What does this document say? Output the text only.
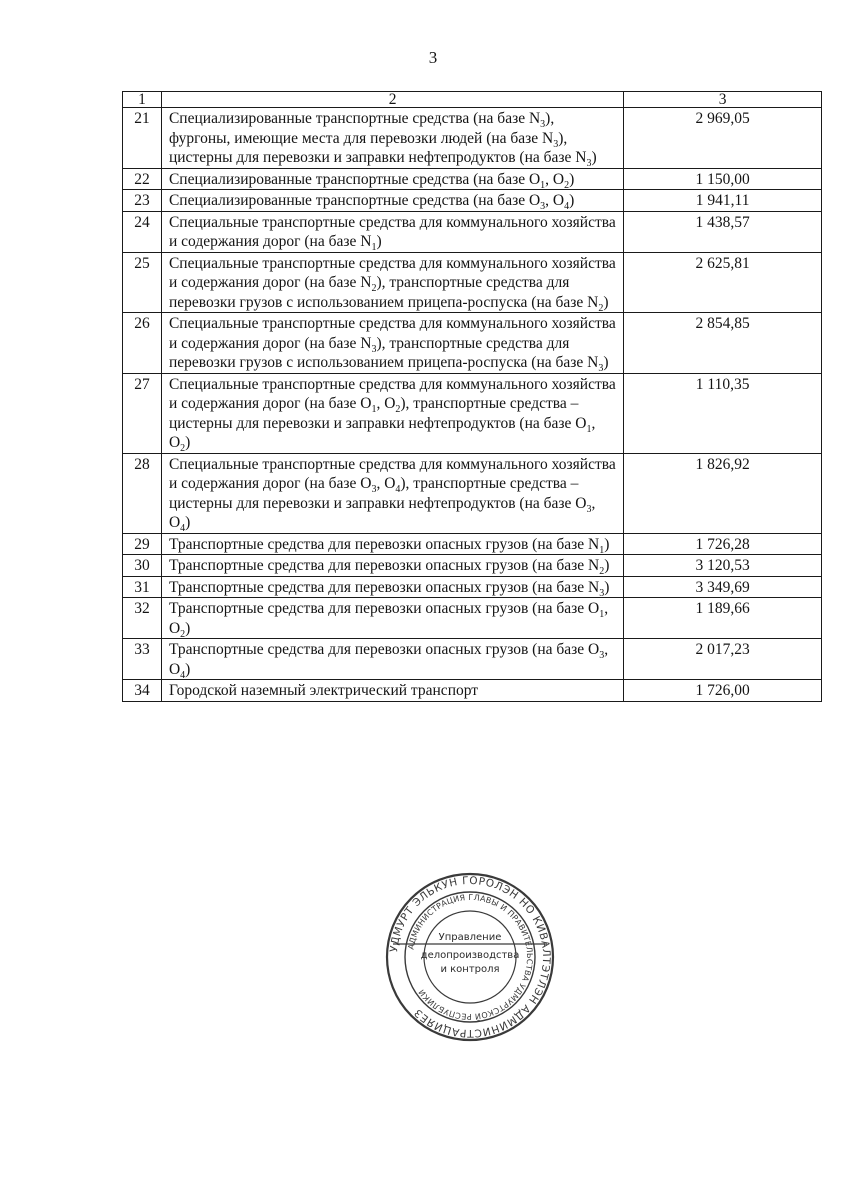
3
1	2	3
21	Специализированные транспортные средства (на базе $N_3$), фургоны, имеющие места для перевозки людей (на базе $N_3$), цистерны для перевозки и заправки нефтепродуктов (на базе $N_3$)	2 969,05
22	Специализированные транспортные средства (на базе $O_1$, $O_2$)	1 150,00
23	Специализированные транспортные средства (на базе $O_3$, $O_4$)	1 941,11
24	Специальные транспортные средства для коммунального хозяйства и содержания дорог (на базе $N_1$)	1 438,57
25	Специальные транспортные средства для коммунального хозяйства и содержания дорог (на базе $N_2$), транспортные средства для перевозки грузов с использованием прицепа-роспуска (на базе $N_2$)	2 625,81
26	Специальные транспортные средства для коммунального хозяйства и содержания дорог (на базе $N_3$), транспортные средства для перевозки грузов с использованием прицепа-роспуска (на базе $N_3$)	2 854,85
27	Специальные транспортные средства для коммунального хозяйства и содержания дорог (на базе $O_1$, $O_2$), транспортные средства – цистерны для перевозки и заправки нефтепродуктов (на базе $O_1$, $O_2$)	1 110,35
28	Специальные транспортные средства для коммунального хозяйства и содержания дорог (на базе $O_3$, $O_4$), транспортные средства – цистерны для перевозки и заправки нефтепродуктов (на базе $O_3$, $O_4$)	1 826,92
29	Транспортные средства для перевозки опасных грузов (на базе $N_1$)	1 726,28
30	Транспортные средства для перевозки опасных грузов (на базе $N_2$)	3 120,53
31	Транспортные средства для перевозки опасных грузов (на базе $N_3$)	3 349,69
32	Транспортные средства для перевозки опасных грузов (на базе $O_1$, $O_2$)	1 189,66
33	Транспортные средства для перевозки опасных грузов (на базе $O_3$, $O_4$)	2 017,23
34	Городской наземный электрический транспорт	1 726,00
УДМУРТ ЭЛЬКУН ГОРОЛЭН НО КИВАЛТЭТЛЭН АДМИНИСТРАЦИЯЕЗ
АДМИНИСТРАЦИЯ ГЛАВЫ И ПРАВИТЕЛЬСТВА УДМУРТСКОЙ РЕСПУБЛИКИ
Управление
делопроизводства
и контроля
